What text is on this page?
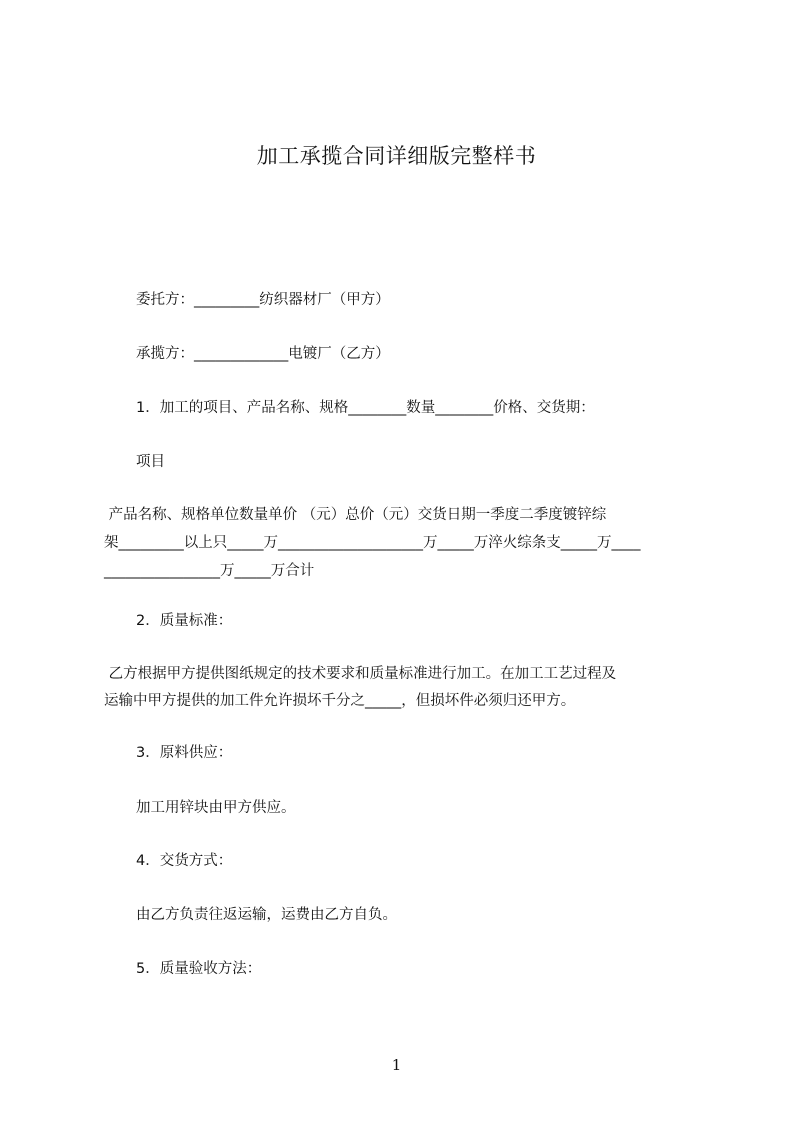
加工承揽合同详细版完整样书
委托方：_________纺织器材厂（甲方）
承揽方：_____________电镀厂（乙方）
1．加工的项目、产品名称、规格________数量________价格、交货期：
项目
产品名称、规格单位数量单价 （元）总价（元）交货日期一季度二季度镀锌综
架_________以上只_____万____________________万_____万淬火综条支_____万____
________________万_____万合计
2．质量标准：
乙方根据甲方提供图纸规定的技术要求和质量标准进行加工。在加工工艺过程及
运输中甲方提供的加工件允许损坏千分之_____，但损坏件必须归还甲方。
3．原料供应：
加工用锌块由甲方供应。
4．交货方式：
由乙方负责往返运输，运费由乙方自负。
5．质量验收方法：
1
